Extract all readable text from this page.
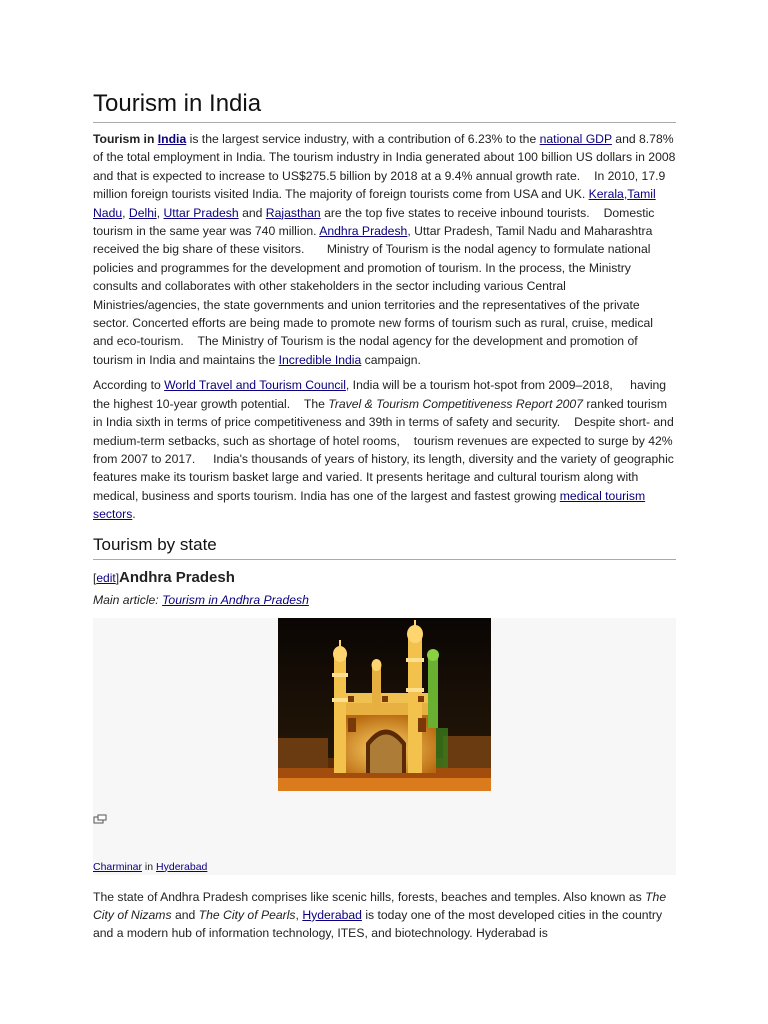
Tourism in India

Tourism in India is the largest service industry, with a contribution of 6.23% to the national GDP and 8.78% of the total employment in India. The tourism industry in India generated about 100 billion US dollars in 2008 and that is expected to increase to US$275.5 billion by 2018 at a 9.4% annual growth rate.[1] In 2010, 17.9 million foreign tourists visited India. The majority of foreign tourists come from USA and UK. Kerala,Tamil Nadu, Delhi, Uttar Pradesh and Rajasthan are the top five states to receive inbound tourists.[2] Domestic tourism in the same year was 740 million. Andhra Pradesh, Uttar Pradesh, Tamil Nadu and Maharashtra received the big share of these visitors.[3][4] Ministry of Tourism is the nodal agency to formulate national policies and programmes for the development and promotion of tourism. In the process, the Ministry consults and collaborates with other stakeholders in the sector including various Central Ministries/agencies, the state governments and union territories and the representatives of the private sector. Concerted efforts are being made to promote new forms of tourism such as rural, cruise, medical and eco-tourism.[5] The Ministry of Tourism is the nodal agency for the development and promotion of tourism in India and maintains the Incredible India campaign.

According to World Travel and Tourism Council, India will be a tourism hot-spot from 2009–2018, [6] having the highest 10-year growth potential.[7] The Travel & Tourism Competitiveness Report 2007 ranked tourism in India sixth in terms of price competitiveness and 39th in terms of safety and security.[8] Despite short- and medium-term setbacks, such as shortage of hotel rooms,[9] tourism revenues are expected to surge by 42% from 2007 to 2017.[10] India's thousands of years of history, its length, diversity and the variety of geographic features make its tourism basket large and varied. It presents heritage and cultural tourism along with medical, business and sports tourism. India has one of the largest and fastest growing medical tourism sectors.

Tourism by state
[edit]Andhra Pradesh
Main article: Tourism in Andhra Pradesh
Charminar in Hyderabad

The state of Andhra Pradesh comprises like scenic hills, forests, beaches and temples. Also known as The City of Nizams and The City of Pearls, Hyderabad is today one of the most developed cities in the country and a modern hub of information technology, ITES, and biotechnology. Hyderabad is
